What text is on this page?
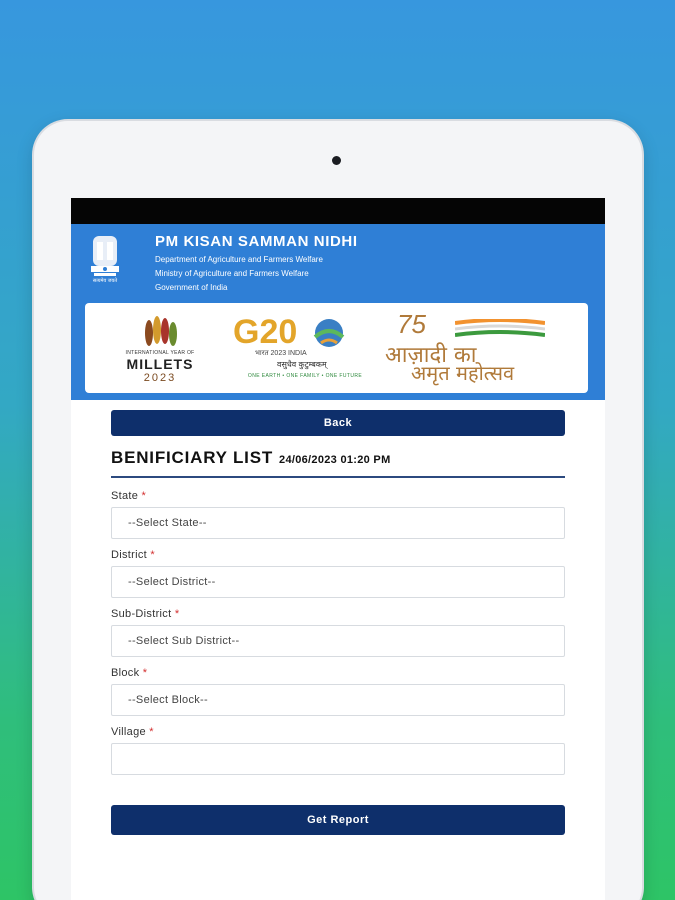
सत्यमेव जयते
PM KISAN SAMMAN NIDHI
Department of Agriculture and Farmers Welfare
Ministry of Agriculture and Farmers Welfare
Government of India
INTERNATIONAL YEAR OF
MILLETS
2023
G20
भारत 2023 INDIA
वसुधैव कुटुम्बकम्
ONE EARTH • ONE FAMILY • ONE FUTURE
75
आज़ादी का
अमृत महोत्सव
Back
BENIFICIARY LIST 24/06/2023 01:20 PM
State *
--Select State--
District *
--Select District--
Sub-District *
--Select Sub District--
Block *
--Select Block--
Village *
Get Report
